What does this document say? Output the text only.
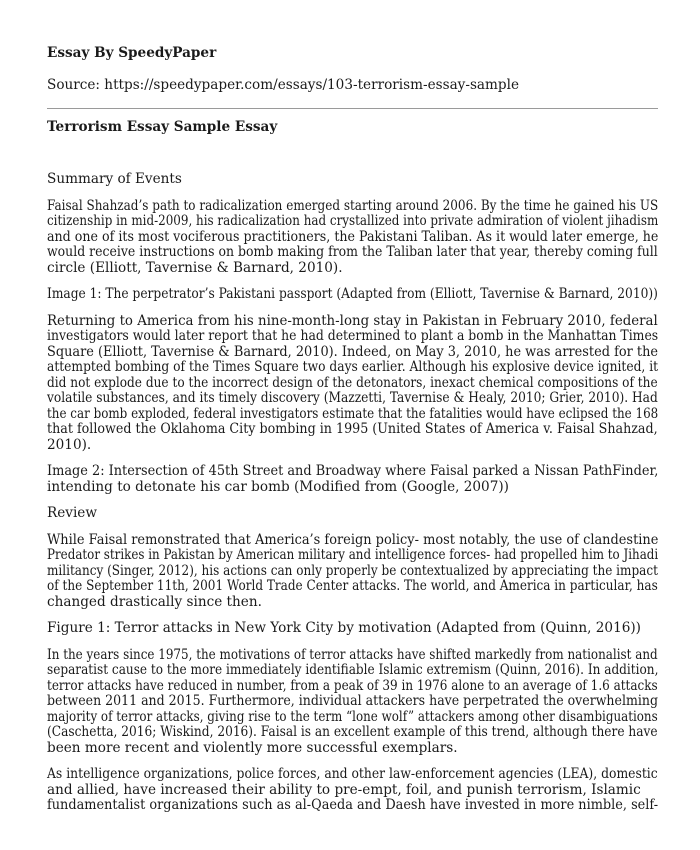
Essay By SpeedyPaper
Source: https://speedypaper.com/essays/103-terrorism-essay-sample
Terrorism Essay Sample Essay

Summary of Events

Faisal Shahzad’s path to radicalization emerged starting around 2006. By the time he gained his US
citizenship in mid-2009, his radicalization had crystallized into private admiration of violent jihadism
and one of its most vociferous practitioners, the Pakistani Taliban. As it would later emerge, he
would receive instructions on bomb making from the Taliban later that year, thereby coming full
circle (Elliott, Tavernise & Barnard, 2010).

Image 1: The perpetrator’s Pakistani passport (Adapted from (Elliott, Tavernise & Barnard, 2010))

Returning to America from his nine-month-long stay in Pakistan in February 2010, federal
investigators would later report that he had determined to plant a bomb in the Manhattan Times
Square (Elliott, Tavernise & Barnard, 2010). Indeed, on May 3, 2010, he was arrested for the
attempted bombing of the Times Square two days earlier. Although his explosive device ignited, it
did not explode due to the incorrect design of the detonators, inexact chemical compositions of the
volatile substances, and its timely discovery (Mazzetti, Tavernise & Healy, 2010; Grier, 2010). Had
the car bomb exploded, federal investigators estimate that the fatalities would have eclipsed the 168
that followed the Oklahoma City bombing in 1995 (United States of America v. Faisal Shahzad,
2010).

Image 2: Intersection of 45th Street and Broadway where Faisal parked a Nissan PathFinder,
intending to detonate his car bomb (Modified from (Google, 2007))

Review

While Faisal remonstrated that America’s foreign policy- most notably, the use of clandestine
Predator strikes in Pakistan by American military and intelligence forces- had propelled him to Jihadi
militancy (Singer, 2012), his actions can only properly be contextualized by appreciating the impact
of the September 11th, 2001 World Trade Center attacks. The world, and America in particular, has
changed drastically since then.

Figure 1: Terror attacks in New York City by motivation (Adapted from (Quinn, 2016))

In the years since 1975, the motivations of terror attacks have shifted markedly from nationalist and
separatist cause to the more immediately identifiable Islamic extremism (Quinn, 2016). In addition,
terror attacks have reduced in number, from a peak of 39 in 1976 alone to an average of 1.6 attacks
between 2011 and 2015. Furthermore, individual attackers have perpetrated the overwhelming
majority of terror attacks, giving rise to the term “lone wolf” attackers among other disambiguations
(Caschetta, 2016; Wiskind, 2016). Faisal is an excellent example of this trend, although there have
been more recent and violently more successful exemplars.

As intelligence organizations, police forces, and other law-enforcement agencies (LEA), domestic
and allied, have increased their ability to pre-empt, foil, and punish terrorism, Islamic
fundamentalist organizations such as al-Qaeda and Daesh have invested in more nimble, self-
